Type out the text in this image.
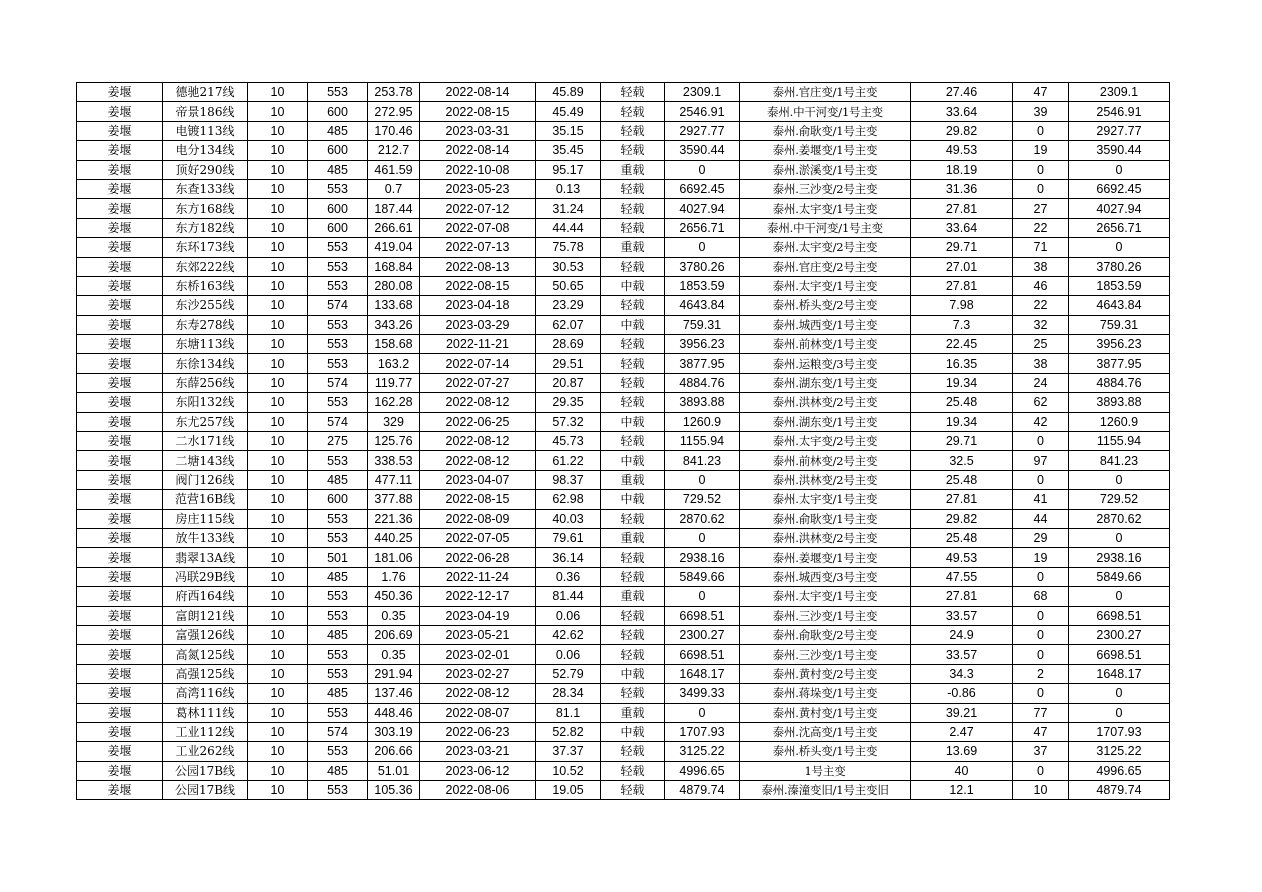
姜堰	德驰217线	10	553	253.78	2022-08-14	45.89	轻载	2309.1	泰州.官庄变/1号主变	27.46	47	2309.1
姜堰	帝景186线	10	600	272.95	2022-08-15	45.49	轻载	2546.91	泰州.中干河变/1号主变	33.64	39	2546.91
姜堰	电镀113线	10	485	170.46	2023-03-31	35.15	轻载	2927.77	泰州.俞耿变/1号主变	29.82	0	2927.77
姜堰	电分134线	10	600	212.7	2022-08-14	35.45	轻载	3590.44	泰州.姜堰变/1号主变	49.53	19	3590.44
姜堰	顶好290线	10	485	461.59	2022-10-08	95.17	重载	0	泰州.淤溪变/1号主变	18.19	0	0
姜堰	东查133线	10	553	0.7	2023-05-23	0.13	轻载	6692.45	泰州.三沙变/2号主变	31.36	0	6692.45
姜堰	东方168线	10	600	187.44	2022-07-12	31.24	轻载	4027.94	泰州.太宇变/1号主变	27.81	27	4027.94
姜堰	东方182线	10	600	266.61	2022-07-08	44.44	轻载	2656.71	泰州.中干河变/1号主变	33.64	22	2656.71
姜堰	东环173线	10	553	419.04	2022-07-13	75.78	重载	0	泰州.太宇变/2号主变	29.71	71	0
姜堰	东郊222线	10	553	168.84	2022-08-13	30.53	轻载	3780.26	泰州.官庄变/2号主变	27.01	38	3780.26
姜堰	东桥163线	10	553	280.08	2022-08-15	50.65	中载	1853.59	泰州.太宇变/1号主变	27.81	46	1853.59
姜堰	东沙255线	10	574	133.68	2023-04-18	23.29	轻载	4643.84	泰州.桥头变/2号主变	7.98	22	4643.84
姜堰	东寿278线	10	553	343.26	2023-03-29	62.07	中载	759.31	泰州.城西变/1号主变	7.3	32	759.31
姜堰	东塘113线	10	553	158.68	2022-11-21	28.69	轻载	3956.23	泰州.前林变/1号主变	22.45	25	3956.23
姜堰	东徐134线	10	553	163.2	2022-07-14	29.51	轻载	3877.95	泰州.运粮变/3号主变	16.35	38	3877.95
姜堰	东薛256线	10	574	119.77	2022-07-27	20.87	轻载	4884.76	泰州.湖东变/1号主变	19.34	24	4884.76
姜堰	东阳132线	10	553	162.28	2022-08-12	29.35	轻载	3893.88	泰州.洪林变/2号主变	25.48	62	3893.88
姜堰	东尤257线	10	574	329	2022-06-25	57.32	中载	1260.9	泰州.湖东变/1号主变	19.34	42	1260.9
姜堰	二水171线	10	275	125.76	2022-08-12	45.73	轻载	1155.94	泰州.太宇变/2号主变	29.71	0	1155.94
姜堰	二塘143线	10	553	338.53	2022-08-12	61.22	中载	841.23	泰州.前林变/2号主变	32.5	97	841.23
姜堰	阀门126线	10	485	477.11	2023-04-07	98.37	重载	0	泰州.洪林变/2号主变	25.48	0	0
姜堰	范营16B线	10	600	377.88	2022-08-15	62.98	中载	729.52	泰州.太宇变/1号主变	27.81	41	729.52
姜堰	房庄115线	10	553	221.36	2022-08-09	40.03	轻载	2870.62	泰州.俞耿变/1号主变	29.82	44	2870.62
姜堰	放牛133线	10	553	440.25	2022-07-05	79.61	重载	0	泰州.洪林变/2号主变	25.48	29	0
姜堰	翡翠13A线	10	501	181.06	2022-06-28	36.14	轻载	2938.16	泰州.姜堰变/1号主变	49.53	19	2938.16
姜堰	冯联29B线	10	485	1.76	2022-11-24	0.36	轻载	5849.66	泰州.城西变/3号主变	47.55	0	5849.66
姜堰	府西164线	10	553	450.36	2022-12-17	81.44	重载	0	泰州.太宇变/1号主变	27.81	68	0
姜堰	富朗121线	10	553	0.35	2023-04-19	0.06	轻载	6698.51	泰州.三沙变/1号主变	33.57	0	6698.51
姜堰	富强126线	10	485	206.69	2023-05-21	42.62	轻载	2300.27	泰州.俞耿变/2号主变	24.9	0	2300.27
姜堰	高氮125线	10	553	0.35	2023-02-01	0.06	轻载	6698.51	泰州.三沙变/1号主变	33.57	0	6698.51
姜堰	高强125线	10	553	291.94	2023-02-27	52.79	中载	1648.17	泰州.黄村变/2号主变	34.3	2	1648.17
姜堰	高湾116线	10	485	137.46	2022-08-12	28.34	轻载	3499.33	泰州.蒋垛变/1号主变	-0.86	0	0
姜堰	葛林111线	10	553	448.46	2022-08-07	81.1	重载	0	泰州.黄村变/1号主变	39.21	77	0
姜堰	工业112线	10	574	303.19	2022-06-23	52.82	中载	1707.93	泰州.沈高变/1号主变	2.47	47	1707.93
姜堰	工业262线	10	553	206.66	2023-03-21	37.37	轻载	3125.22	泰州.桥头变/1号主变	13.69	37	3125.22
姜堰	公园17B线	10	485	51.01	2023-06-12	10.52	轻载	4996.65	1号主变	40	0	4996.65
姜堰	公园17B线	10	553	105.36	2022-08-06	19.05	轻载	4879.74	泰州.溱潼变旧/1号主变旧	12.1	10	4879.74
